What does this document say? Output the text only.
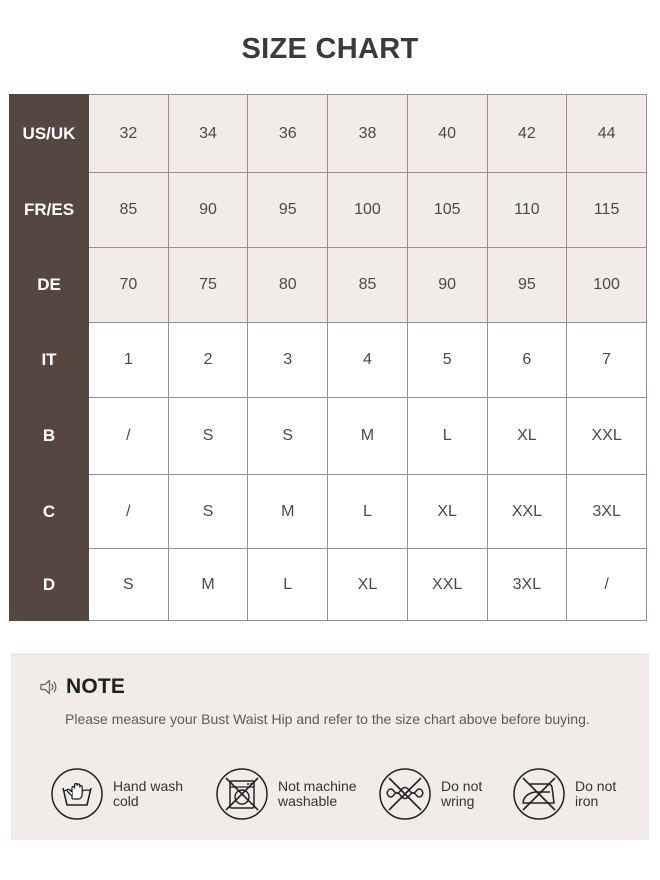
SIZE CHART
US/UK	32	34	36	38	40	42	44
FR/ES	85	90	95	100	105	110	115
DE	70	75	80	85	90	95	100
IT	1	2	3	4	5	6	7
B	/	S	S	M	L	XL	XXL
C	/	S	M	L	XL	XXL	3XL
D	S	M	L	XL	XXL	3XL	/
NOTE
Please measure your Bust Waist Hip and refer to the size chart above before buying.
Hand wash
cold
Not machine
washable
Do not
wring
Do not
iron
